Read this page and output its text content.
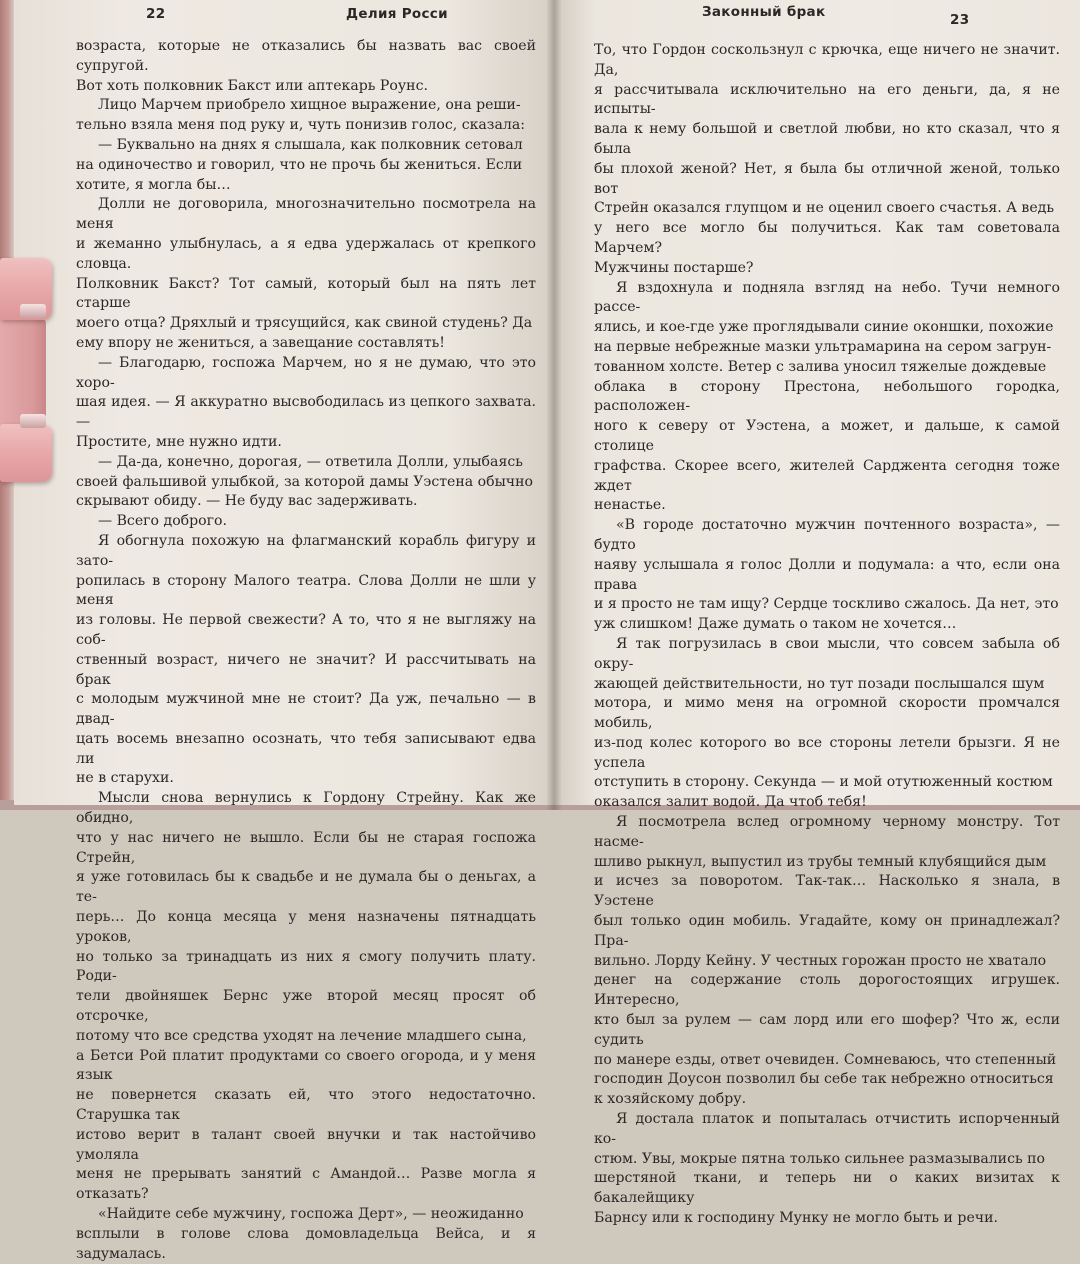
22	Делия Росси

возраста, которые не отказались бы назвать вас своей супругой.
Вот хоть полковник Бакст или аптекарь Роунс.

Лицо Марчем приобрело хищное выражение, она реши-
тельно взяла меня под руку и, чуть понизив голос, сказала:

— Буквально на днях я слышала, как полковник сетовал
на одиночество и говорил, что не прочь бы жениться. Если
хотите, я могла бы…

Долли не договорила, многозначительно посмотрела на меня
и жеманно улыбнулась, а я едва удержалась от крепкого словца.
Полковник Бакст? Тот самый, который был на пять лет старше
моего отца? Дряхлый и трясущийся, как свиной студень? Да
ему впору не жениться, а завещание составлять!

— Благодарю, госпожа Марчем, но я не думаю, что это хоро-
шая идея. — Я аккуратно высвободилась из цепкого захвата. —
Простите, мне нужно идти.

— Да-да, конечно, дорогая, — ответила Долли, улыбаясь
своей фальшивой улыбкой, за которой дамы Уэстена обычно
скрывают обиду. — Не буду вас задерживать.

— Всего доброго.

Я обогнула похожую на флагманский корабль фигуру и зато-
ропилась в сторону Малого театра. Слова Долли не шли у меня
из головы. Не первой свежести? А то, что я не выгляжу на соб-
ственный возраст, ничего не значит? И рассчитывать на брак
с молодым мужчиной мне не стоит? Да уж, печально — в двад-
цать восемь внезапно осознать, что тебя записывают едва ли
не в старухи.

Мысли снова вернулись к Гордону Стрейну. Как же обидно,
что у нас ничего не вышло. Если бы не старая госпожа Стрейн,
я уже готовилась бы к свадьбе и не думала бы о деньгах, а те-
перь… До конца месяца у меня назначены пятнадцать уроков,
но только за тринадцать из них я смогу получить плату. Роди-
тели двойняшек Бернс уже второй месяц просят об отсрочке,
потому что все средства уходят на лечение младшего сына,
а Бетси Рой платит продуктами со своего огорода, и у меня язык
не повернется сказать ей, что этого недостаточно. Старушка так
истово верит в талант своей внучки и так настойчиво умоляла
меня не прерывать занятий с Амандой… Разве могла я отказать?

«Найдите себе мужчину, госпожа Дерт», — неожиданно
всплыли в голове слова домовладельца Вейса, и я задумалась.

Законный брак	23

То, что Гордон соскользнул с крючка, еще ничего не значит. Да,
я рассчитывала исключительно на его деньги, да, я не испыты-
вала к нему большой и светлой любви, но кто сказал, что я была
бы плохой женой? Нет, я была бы отличной женой, только вот
Стрейн оказался глупцом и не оценил своего счастья. А ведь
у него все могло бы получиться. Как там советовала Марчем?
Мужчины постарше?

Я вздохнула и подняла взгляд на небо. Тучи немного рассе-
ялись, и кое-где уже проглядывали синие оконшки, похожие
на первые небрежные мазки ультрамарина на сером загрун-
тованном холсте. Ветер с залива уносил тяжелые дождевые
облака в сторону Престона, небольшого городка, расположен-
ного к северу от Уэстена, а может, и дальше, к самой столице
графства. Скорее всего, жителей Сарджента сегодня тоже ждет
ненастье.

«В городе достаточно мужчин почтенного возраста», — будто
наяву услышала я голос Долли и подумала: а что, если она права
и я просто не там ищу? Сердце тоскливо сжалось. Да нет, это
уж слишком! Даже думать о таком не хочется…

Я так погрузилась в свои мысли, что совсем забыла об окру-
жающей действительности, но тут позади послышался шум
мотора, и мимо меня на огромной скорости промчался мобиль,
из-под колес которого во все стороны летели брызги. Я не успела
отступить в сторону. Секунда — и мой отутюженный костюм
оказался залит водой. Да чтоб тебя!

Я посмотрела вслед огромному черному монстру. Тот насме-
шливо рыкнул, выпустил из трубы темный клубящийся дым
и исчез за поворотом. Так-так… Насколько я знала, в Уэстене
был только один мобиль. Угадайте, кому он принадлежал? Пра-
вильно. Лорду Кейну. У честных горожан просто не хватало
денег на содержание столь дорогостоящих игрушек. Интересно,
кто был за рулем — сам лорд или его шофер? Что ж, если судить
по манере езды, ответ очевиден. Сомневаюсь, что степенный
господин Доусон позволил бы себе так небрежно относиться
к хозяйскому добру.

Я достала платок и попыталась отчистить испорченный ко-
стюм. Увы, мокрые пятна только сильнее размазывались по
шерстяной ткани, и теперь ни о каких визитах к бакалейщику
Барнсу или к господину Мунку не могло быть и речи.
